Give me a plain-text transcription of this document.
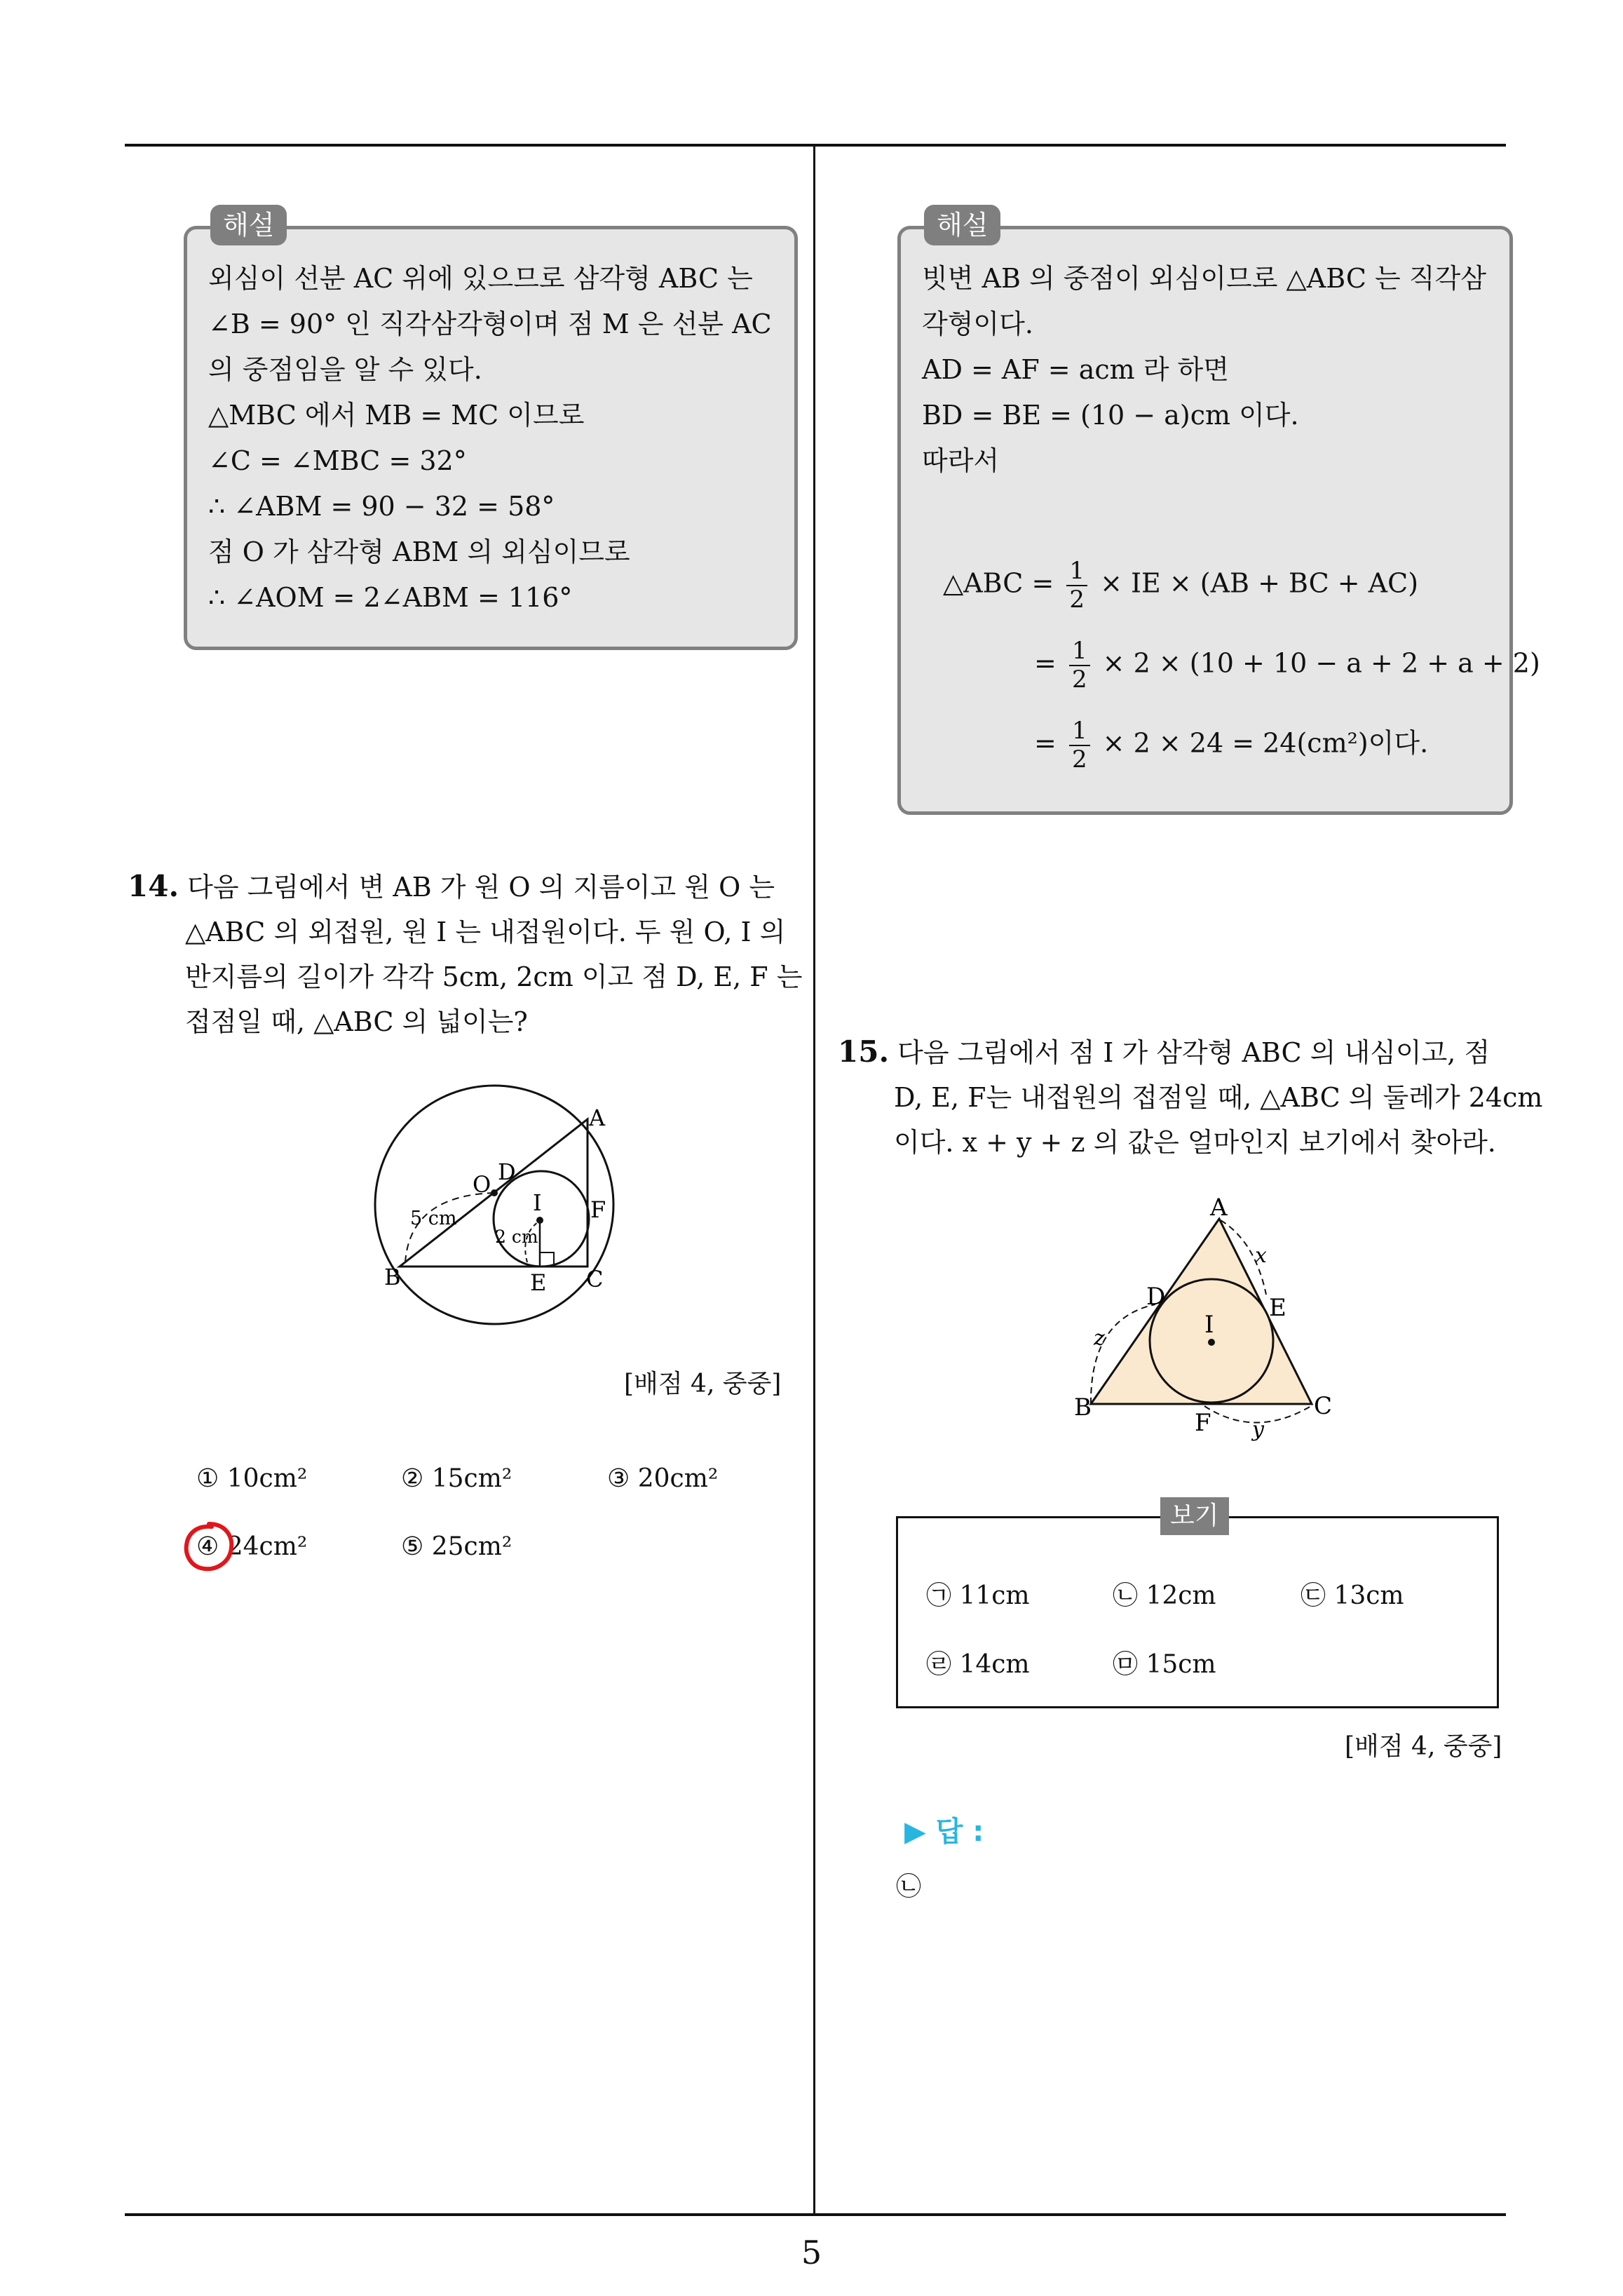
외심이 선분 AC 위에 있으므로 삼각형 ABC 는
∠B = 90° 인 직각삼각형이며 점 M 은 선분 AC
의 중점임을 알 수 있다.
△MBC 에서 MB = MC 이므로
∠C = ∠MBC = 32°
∴ ∠ABM = 90 − 32 = 58°
점 O 가 삼각형 ABM 의 외심이므로
∴ ∠AOM = 2∠ABM = 116°
해설
14. 다음 그림에서 변 AB 가 원 O 의 지름이고 원 O 는
△ABC 의 외접원, 원 I 는 내접원이다. 두 원 O, I 의
반지름의 길이가 각각 5cm, 2cm 이고 점 D, E, F 는
접점일 때, △ABC 의 넓이는?
A
B	C
D
E
F
O
I
5 cm
2 cm
[배점 4, 중중]
① 10cm²	② 15cm²	③ 20cm²
④ 24cm²	⑤ 25cm²
빗변 AB 의 중점이 외심이므로 △ABC 는 직각삼
각형이다.
AD = AF = acm 라 하면
BD = BE = (10 − a)cm 이다.
따라서
△ABC = $\frac{1}{2}$ × IE × (AB + BC + AC)
= $\frac{1}{2} \times 2 \times (10 + 10 - a + 2 + a + 2)$
= $\frac{1}{2} \times 2 \times 24 = 24(cm^2)$이다.
해설
15. 다음 그림에서 점 I 가 삼각형 ABC 의 내심이고, 점
D, E, F는 내접원의 접점일 때, △ABC 의 둘레가 24cm
이다. x + y + z 의 값은 얼마인지 보기에서 찾아라.
A
B	C
D	E
F
I
x
y
z
㉠ 11cm	㉡ 12cm	㉢ 13cm
㉣ 14cm	㉤ 15cm
보기
[배점 4, 중중]
▶ 답 :
㉡
5
